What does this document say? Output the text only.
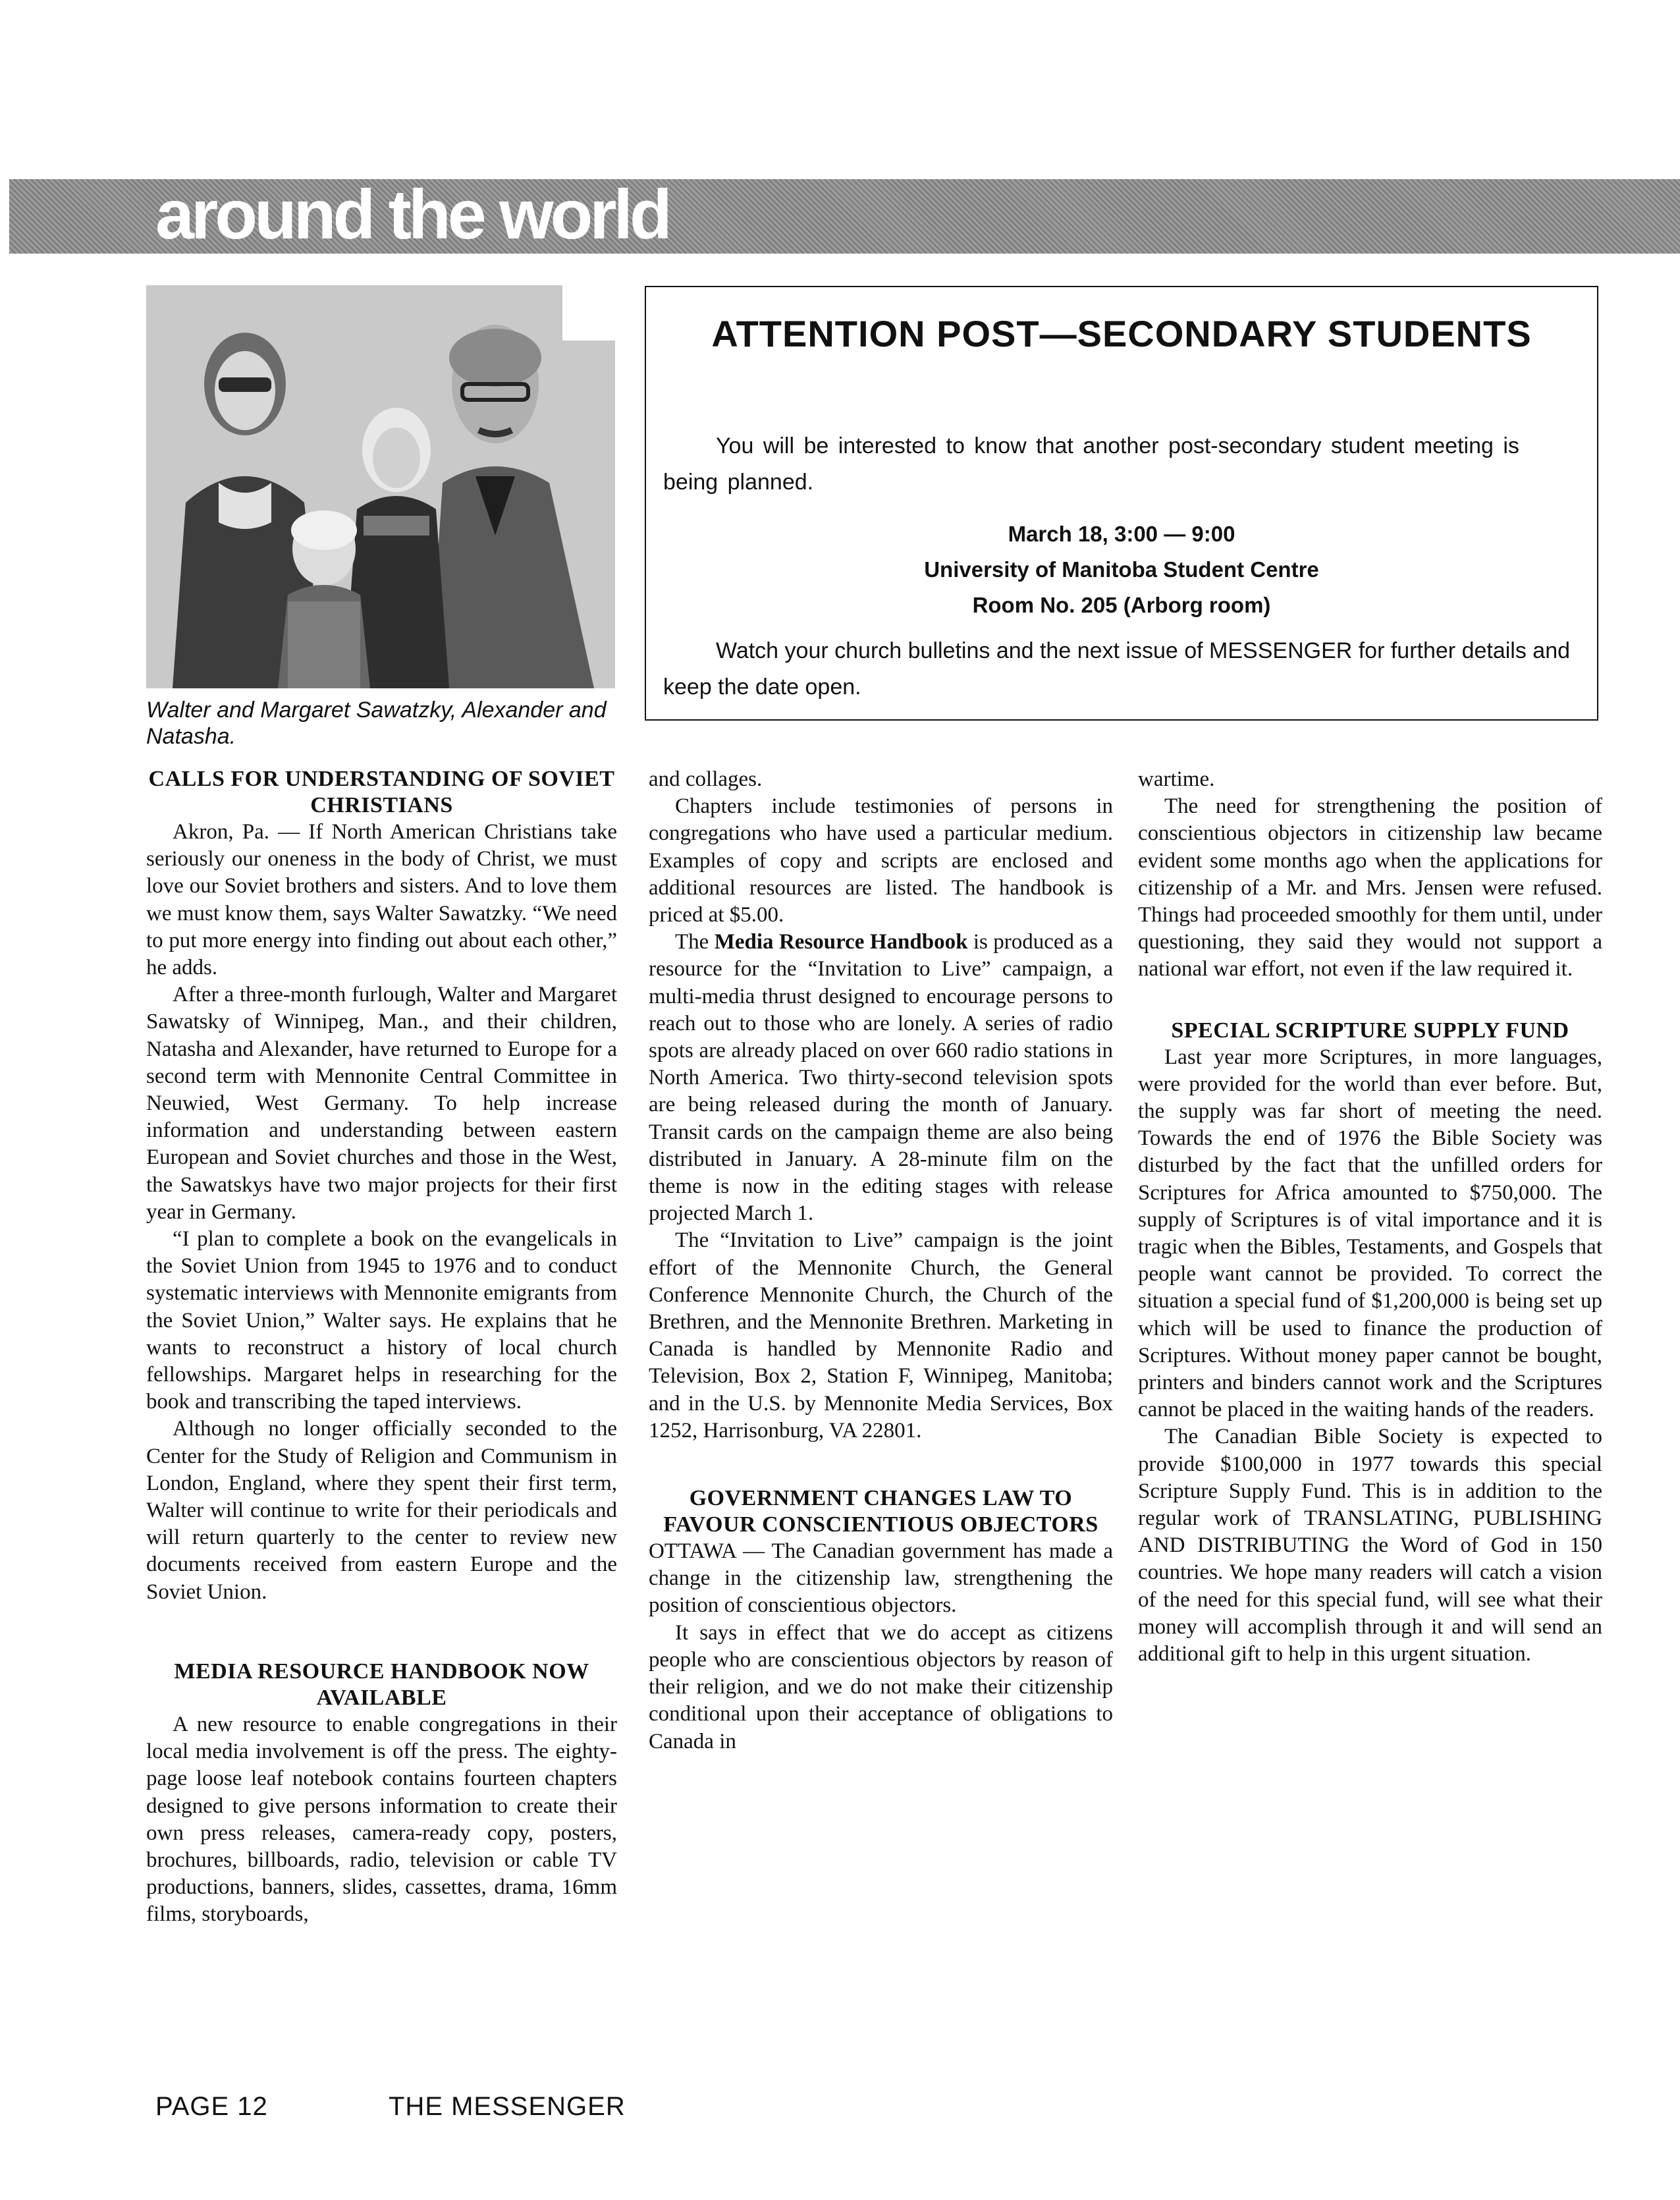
around the world
Walter and Margaret Sawatzky, Alexander and Natasha.
ATTENTION POST—SECONDARY STUDENTS

You will be interested to know that another post-secondary student meeting is being planned.

March 18, 3:00 — 9:00

University of Manitoba Student Centre

Room No. 205 (Arborg room)

Watch your church bulletins and the next issue of MESSENGER for further details and keep the date open.

CALLS FOR UNDERSTANDING OF SOVIET CHRISTIANS

Akron, Pa. — If North American Christians take seriously our oneness in the body of Christ, we must love our Soviet brothers and sisters. And to love them we must know them, says Walter Sawatzky. “We need to put more energy into finding out about each other,” he adds.

After a three-month furlough, Walter and Margaret Sawatsky of Winnipeg, Man., and their children, Natasha and Alexander, have returned to Europe for a second term with Mennonite Central Committee in Neuwied, West Germany. To help increase information and understanding between eastern European and Soviet churches and those in the West, the Sawatskys have two major projects for their first year in Germany.

“I plan to complete a book on the evangelicals in the Soviet Union from 1945 to 1976 and to conduct systematic interviews with Mennonite emigrants from the Soviet Union,” Walter says. He explains that he wants to reconstruct a history of local church fellowships. Margaret helps in researching for the book and transcribing the taped interviews.

Although no longer officially seconded to the Center for the Study of Religion and Communism in London, England, where they spent their first term, Walter will continue to write for their periodicals and will return quarterly to the center to review new documents received from eastern Europe and the Soviet Union.

MEDIA RESOURCE HANDBOOK NOW AVAILABLE

A new resource to enable congregations in their local media involvement is off the press. The eighty-page loose leaf notebook contains fourteen chapters designed to give persons information to create their own press releases, camera-ready copy, posters, brochures, billboards, radio, television or cable TV productions, banners, slides, cassettes, drama, 16mm films, storyboards,

and collages.

Chapters include testimonies of persons in congregations who have used a particular medium. Examples of copy and scripts are enclosed and additional resources are listed. The handbook is priced at $5.00.

The Media Resource Handbook is produced as a resource for the “Invitation to Live” campaign, a multi-media thrust designed to encourage persons to reach out to those who are lonely. A series of radio spots are already placed on over 660 radio stations in North America. Two thirty-second television spots are being released during the month of January. Transit cards on the campaign theme are also being distributed in January. A 28-minute film on the theme is now in the editing stages with release projected March 1.

The “Invitation to Live” campaign is the joint effort of the Mennonite Church, the General Conference Mennonite Church, the Church of the Brethren, and the Mennonite Brethren. Marketing in Canada is handled by Mennonite Radio and Television, Box 2, Station F, Winnipeg, Manitoba; and in the U.S. by Mennonite Media Services, Box 1252, Harrisonburg, VA 22801.

GOVERNMENT CHANGES LAW TO FAVOUR CONSCIENTIOUS OBJECTORS

OTTAWA — The Canadian government has made a change in the citizenship law, strengthening the position of conscientious objectors.

It says in effect that we do accept as citizens people who are conscientious objectors by reason of their religion, and we do not make their citizenship conditional upon their acceptance of obligations to Canada in

wartime.

The need for strengthening the position of conscientious objectors in citizenship law became evident some months ago when the applications for citizenship of a Mr. and Mrs. Jensen were refused. Things had proceeded smoothly for them until, under questioning, they said they would not support a national war effort, not even if the law required it.

SPECIAL SCRIPTURE SUPPLY FUND

Last year more Scriptures, in more languages, were provided for the world than ever before. But, the supply was far short of meeting the need. Towards the end of 1976 the Bible Society was disturbed by the fact that the unfilled orders for Scriptures for Africa amounted to $750,000. The supply of Scriptures is of vital importance and it is tragic when the Bibles, Testaments, and Gospels that people want cannot be provided. To correct the situation a special fund of $1,200,000 is being set up which will be used to finance the production of Scriptures. Without money paper cannot be bought, printers and binders cannot work and the Scriptures cannot be placed in the waiting hands of the readers.

The Canadian Bible Society is expected to provide $100,000 in 1977 towards this special Scripture Supply Fund. This is in addition to the regular work of TRANSLATING, PUBLISHING AND DISTRIBUTING the Word of God in 150 countries. We hope many readers will catch a vision of the need for this special fund, will see what their money will accomplish through it and will send an additional gift to help in this urgent situation.

PAGE 12	THE MESSENGER
